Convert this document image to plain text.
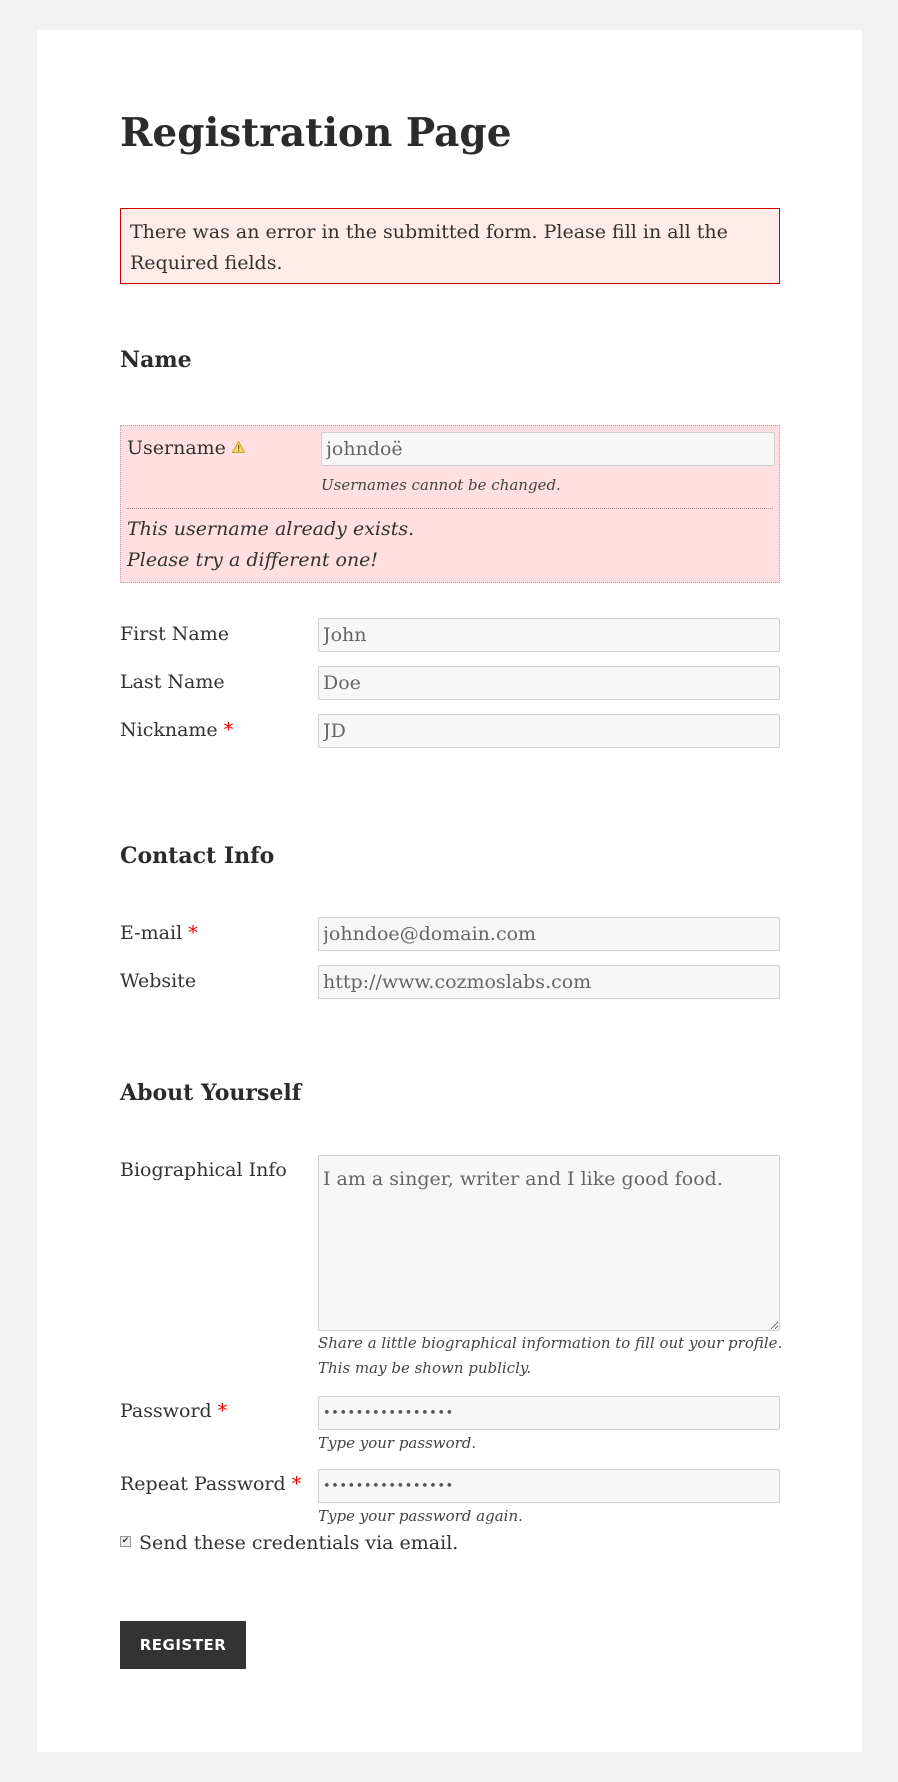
Registration Page
There was an error in the submitted form. Please fill in all the Required fields.
Name
Username
johndoë
Usernames cannot be changed.
This username already exists.
Please try a different one!
First Name
John
Last Name
Doe
Nickname *
JD
Contact Info
E-mail *
johndoe@domain.com
Website
http://www.cozmoslabs.com
About Yourself
Biographical Info
I am a singer, writer and I like good food.
Share a little biographical information to fill out your profile.
This may be shown publicly.
Password *
••••••••••••••••
Type your password.
Repeat Password *
••••••••••••••••
Type your password again.
✔ Send these credentials via email.
REGISTER
